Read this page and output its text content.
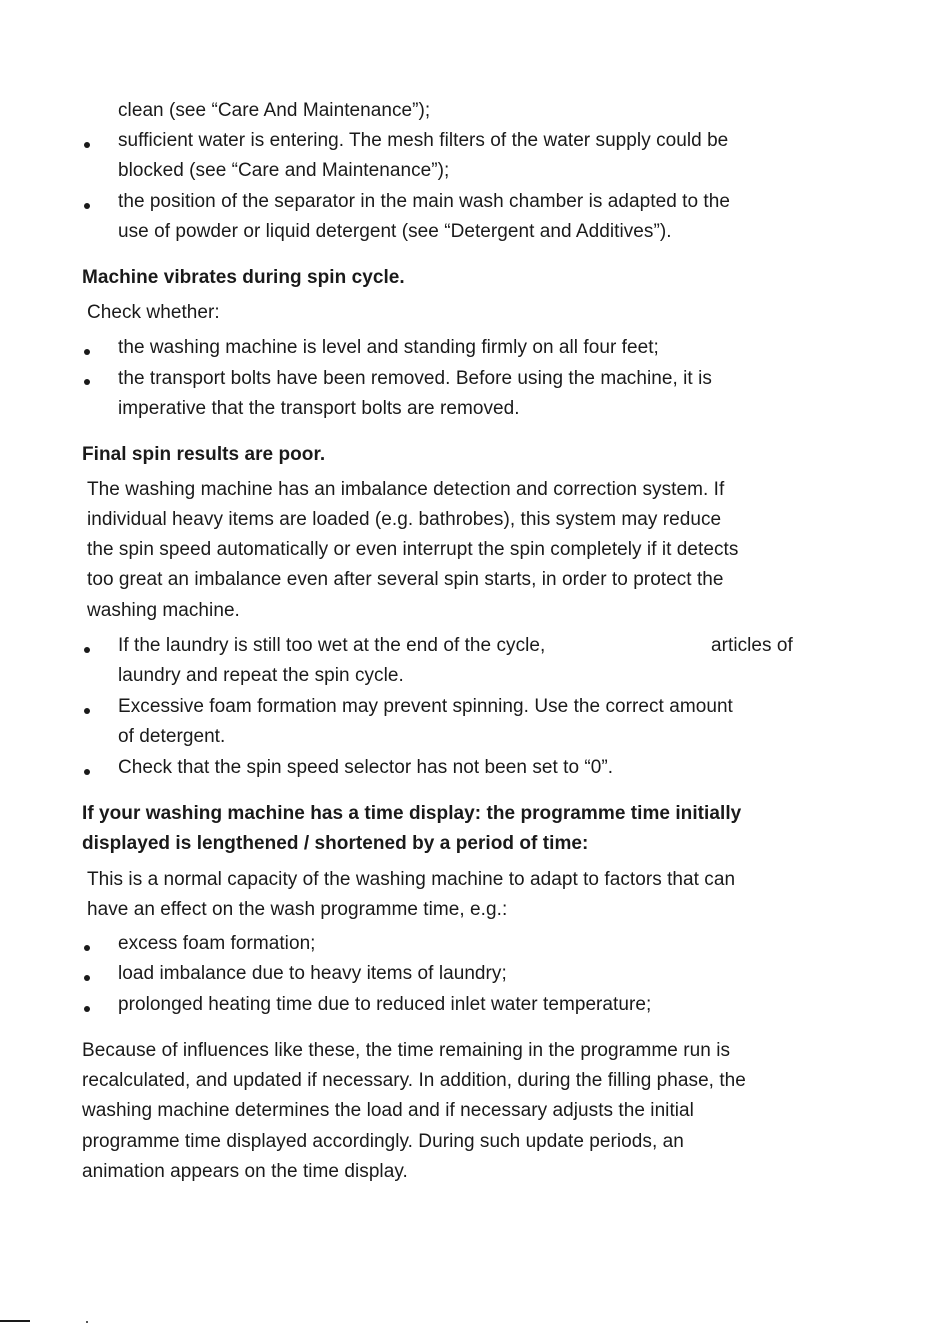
clean (see “Care And Maintenance”);
sufficient water is entering. The mesh filters of the water supply could be
blocked (see “Care and Maintenance”);
the position of the separator in the main wash chamber is adapted to the
use of powder or liquid detergent (see “Detergent and Additives”).
Machine vibrates during spin cycle.
Check whether:
the washing machine is level and standing firmly on all four feet;
the transport bolts have been removed. Before using the machine, it is
imperative that the transport bolts are removed.
Final spin results are poor.
The washing machine has an imbalance detection and correction system. If
individual heavy items are loaded (e.g. bathrobes), this system may reduce
the spin speed automatically or even interrupt the spin completely if it detects
too great an imbalance even after several spin starts, in order to protect the
washing machine.
If the laundry is still too wet at the end of the cycle,	articles of
laundry and repeat the spin cycle.
Excessive foam formation may prevent spinning. Use the correct amount
of detergent.
Check that the spin speed selector has not been set to “0”.
If your washing machine has a time display: the programme time initially
displayed is lengthened / shortened by a period of time:
This is a normal capacity of the washing machine to adapt to factors that can
have an effect on the wash programme time, e.g.:
excess foam formation;
load imbalance due to heavy items of laundry;
prolonged heating time due to reduced inlet water temperature;
Because of influences like these, the time remaining in the programme run is
recalculated, and updated if necessary. In addition, during the filling phase, the
washing machine determines the load and if necessary adjusts the initial
programme time displayed accordingly. During such update periods, an
animation appears on the time display.
